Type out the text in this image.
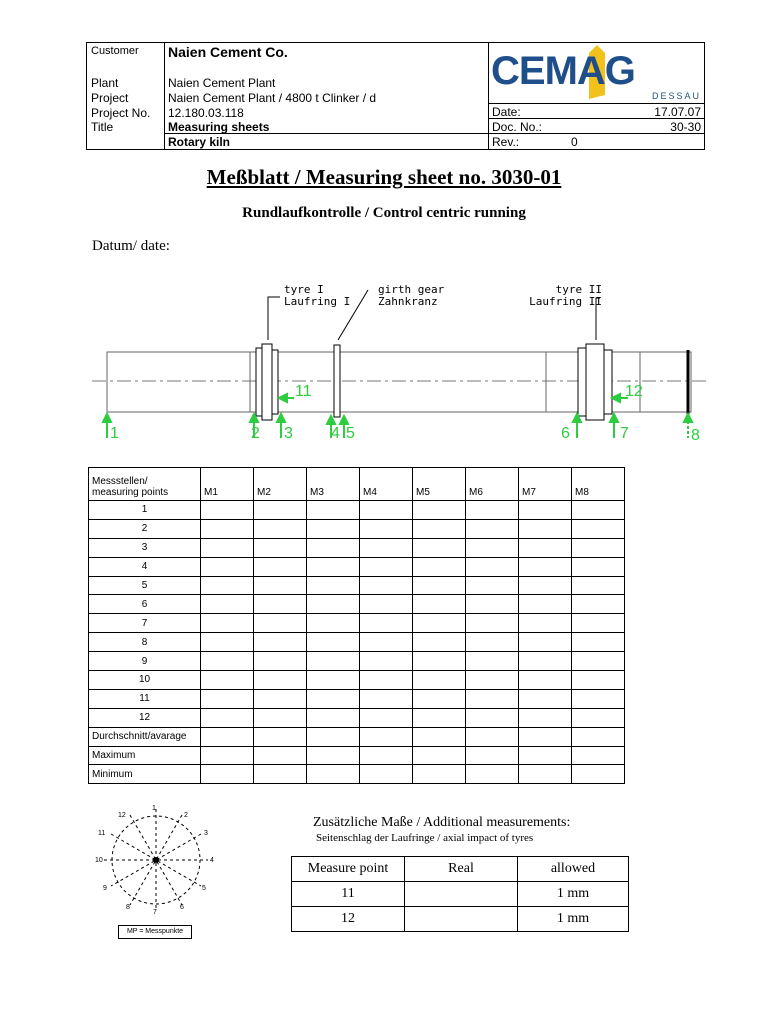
Customer Naien Cement Co.
Plant	Naien Cement Plant
Project	Naien Cement Plant / 4800 t Clinker / d
Project No. 12.180.03.118
Title	Measuring sheets
Rotary kiln
Date:	17.07.07
Doc. No.:	30-30
Rev.:	0
CEMAG
DESSAU
Meßblatt / Measuring sheet no. 3030-01
Rundlaufkontrolle / Control centric running
Datum/ date:
tyre I
Laufring I
girth gear
Zahnkranz
tyre II
Laufring II
1	2 3 4 5	6	7	8
11	12
Messstellen/
measuring points	M1	M2	M3	M4	M5	M6	M7	M8
1								
2								
3								
4								
5								
6								
7								
8								
9								
10								
11								
12								
Durchschnitt/avarage								
Maximum								
Minimum								
1
2
3
4
5
6
7
8
9
10
11
12
MP = Messpunkte
Zusätzliche Maße / Additional measurements:
Seitenschlag der Laufringe / axial impact of tyres
Measure point	Real	allowed
11		1 mm
12		1 mm
